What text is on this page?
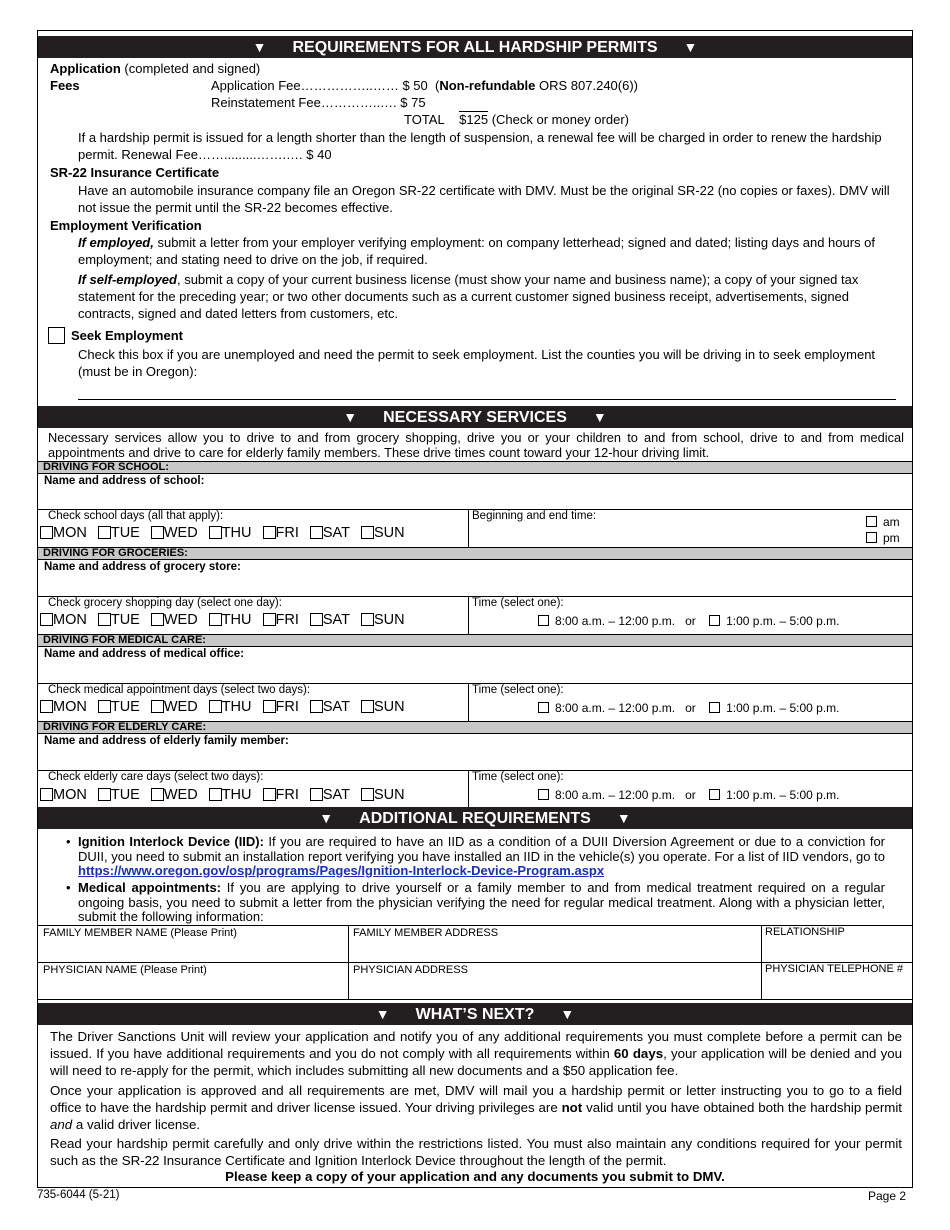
▼ REQUIREMENTS FOR ALL HARDSHIP PERMITS ▼
Application (completed and signed)
Fees	Application Fee……………..…… $ 50 (Non-refundable ORS 807.240(6))
Reinstatement Fee…………..…. $ 75
TOTAL $125 (Check or money order)
If a hardship permit is issued for a length shorter than the length of suspension, a renewal fee will be charged in order to renew the hardship permit. Renewal Fee…….........…….…. $ 40
SR-22 Insurance Certificate
Have an automobile insurance company file an Oregon SR-22 certificate with DMV. Must be the original SR-22 (no copies or faxes). DMV will not issue the permit until the SR-22 becomes effective.
Employment Verification
If employed, submit a letter from your employer verifying employment: on company letterhead; signed and dated; listing days and hours of employment; and stating need to drive on the job, if required.
If self-employed, submit a copy of your current business license (must show your name and business name); a copy of your signed tax statement for the preceding year; or two other documents such as a current customer signed business receipt, advertisements, signed contracts, signed and dated letters from customers, etc.
Seek Employment
Check this box if you are unemployed and need the permit to seek employment. List the counties you will be driving in to seek employment (must be in Oregon):
▼ NECESSARY SERVICES ▼
Necessary services allow you to drive to and from grocery shopping, drive you or your children to and from school, drive to and from medical appointments and drive to care for elderly family members. These drive times count toward your 12-hour driving limit.
DRIVING FOR SCHOOL:
Name and address of school:
Check school days (all that apply):
MON TUE WED THU FRI SAT SUN
Beginning and end time:	am
pm
DRIVING FOR GROCERIES:
Name and address of grocery store:
Check grocery shopping day (select one day):
MON TUE WED THU FRI SAT SUN
Time (select one):
8:00 a.m. – 12:00 p.m. or	1:00 p.m. – 5:00 p.m.
DRIVING FOR MEDICAL CARE:
Name and address of medical office:
Check medical appointment days (select two days):
MON TUE WED THU FRI SAT SUN
Time (select one):
8:00 a.m. – 12:00 p.m. or	1:00 p.m. – 5:00 p.m.
DRIVING FOR ELDERLY CARE:
Name and address of elderly family member:
Check elderly care days (select two days):
MON TUE WED THU FRI SAT SUN
Time (select one):
8:00 a.m. – 12:00 p.m. or	1:00 p.m. – 5:00 p.m.
▼ ADDITIONAL REQUIREMENTS ▼
• Ignition Interlock Device (IID): If you are required to have an IID as a condition of a DUII Diversion Agreement or due to a conviction for DUII, you need to submit an installation report verifying you have installed an IID in the vehicle(s) you operate. For a list of IID vendors, go to https://www.oregon.gov/osp/programs/Pages/Ignition-Interlock-Device-Program.aspx
• Medical appointments: If you are applying to drive yourself or a family member to and from medical treatment required on a regular ongoing basis, you need to submit a letter from the physician verifying the need for regular medical treatment. Along with a physician letter, submit the following information:
FAMILY MEMBER NAME (Please Print)	FAMILY MEMBER ADDRESS	RELATIONSHIP
PHYSICIAN NAME (Please Print)	PHYSICIAN ADDRESS	PHYSICIAN TELEPHONE #
▼ WHAT’S NEXT? ▼
The Driver Sanctions Unit will review your application and notify you of any additional requirements you must complete before a permit can be issued. If you have additional requirements and you do not comply with all requirements within 60 days, your application will be denied and you will need to re-apply for the permit, which includes submitting all new documents and a $50 application fee.
Once your application is approved and all requirements are met, DMV will mail you a hardship permit or letter instructing you to go to a field office to have the hardship permit and driver license issued. Your driving privileges are not valid until you have obtained both the hardship permit and a valid driver license.
Read your hardship permit carefully and only drive within the restrictions listed. You must also maintain any conditions required for your permit such as the SR-22 Insurance Certificate and Ignition Interlock Device throughout the length of the permit.
Please keep a copy of your application and any documents you submit to DMV.
735-6044 (5-21)	Page 2
